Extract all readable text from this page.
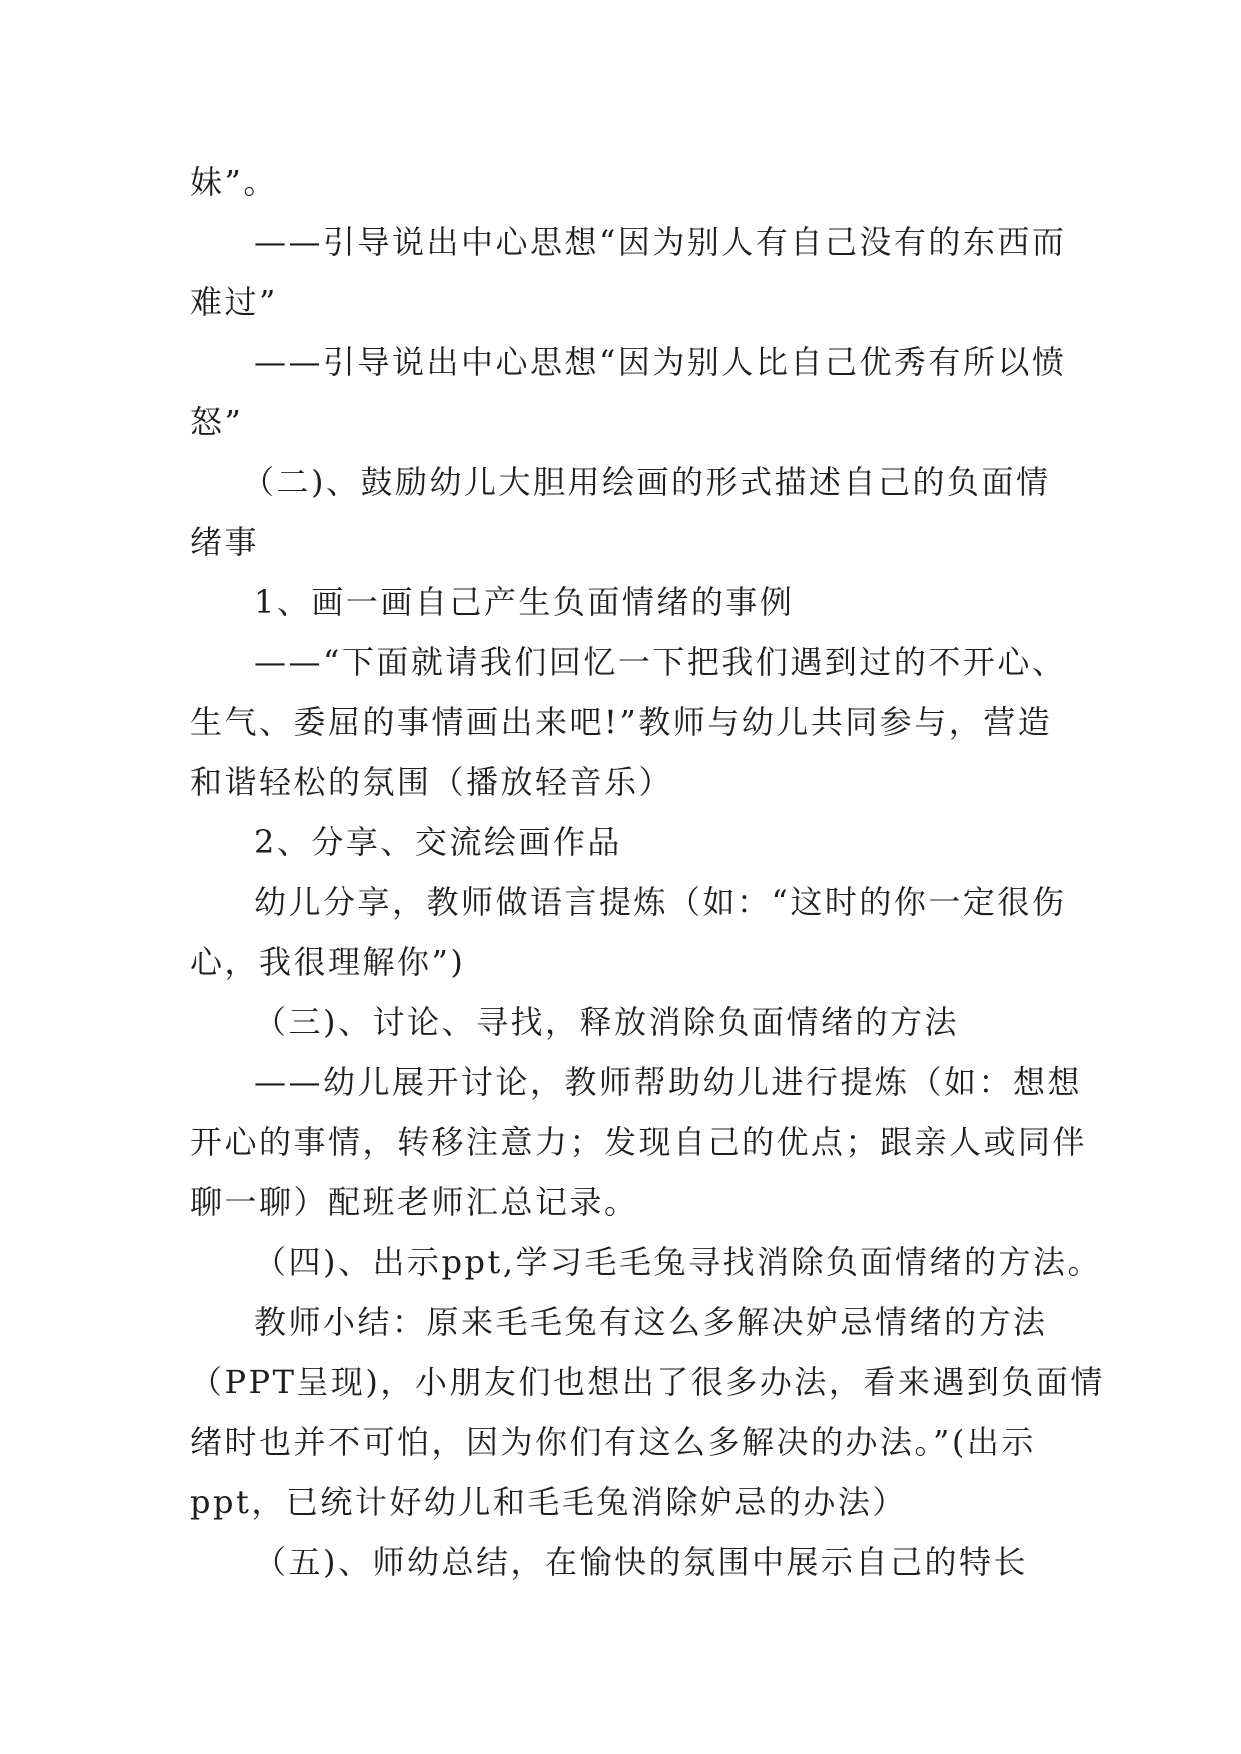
妹”。
——引导说出中心思想“因为别人有自己没有的东西而
难过”
——引导说出中心思想“因为别人比自己优秀有所以愤
怒”
（二)、鼓励幼儿大胆用绘画的形式描述自己的负面情
绪事
1、画一画自己产生负面情绪的事例
——“下面就请我们回忆一下把我们遇到过的不开心、
生气、委屈的事情画出来吧!”教师与幼儿共同参与，营造
和谐轻松的氛围（播放轻音乐）
2、分享、交流绘画作品
幼儿分享，教师做语言提炼（如：“这时的你一定很伤
心，我很理解你”)
（三)、讨论、寻找，释放消除负面情绪的方法
——幼儿展开讨论，教师帮助幼儿进行提炼（如：想想
开心的事情，转移注意力；发现自己的优点；跟亲人或同伴
聊一聊）配班老师汇总记录。
（四)、出示ppt,学习毛毛兔寻找消除负面情绪的方法。
教师小结：原来毛毛兔有这么多解决妒忌情绪的方法
（PPT呈现)，小朋友们也想出了很多办法，看来遇到负面情
绪时也并不可怕，因为你们有这么多解决的办法。”(出示
ppt，已统计好幼儿和毛毛兔消除妒忌的办法）
（五)、师幼总结，在愉快的氛围中展示自己的特长
